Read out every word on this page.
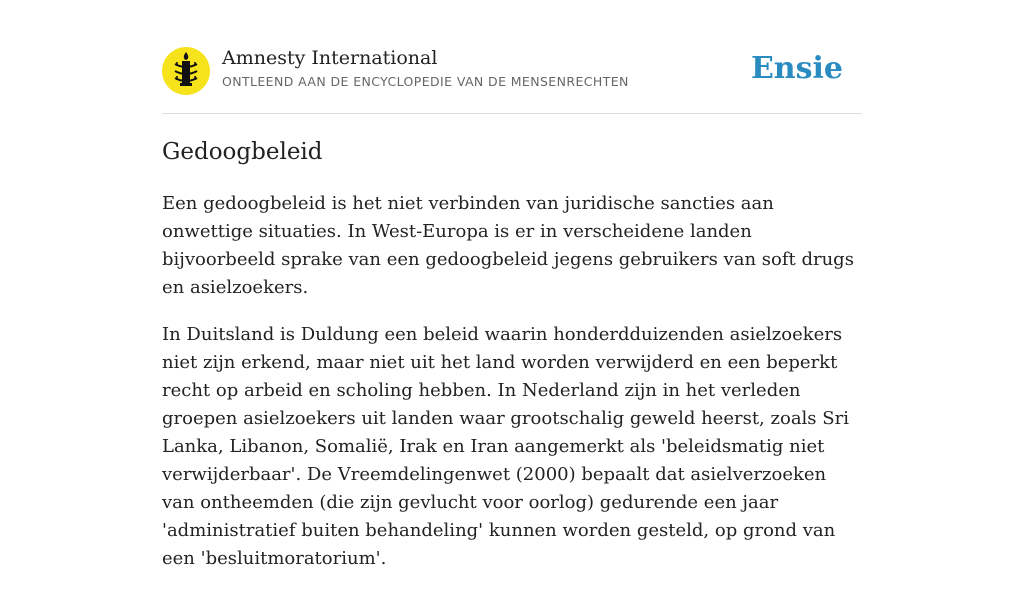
Amnesty International
ONTLEEND AAN DE ENCYCLOPEDIE VAN DE MENSENRECHTEN	Ensie
Gedoogbeleid

Een gedoogbeleid is het niet verbinden van juridische sancties aan onwettige situaties. In West-Europa is er in verscheidene landen bijvoorbeeld sprake van een gedoogbeleid jegens gebruikers van soft drugs en asielzoekers.

In Duitsland is Duldung een beleid waarin honderdduizenden asielzoekers niet zijn erkend, maar niet uit het land worden verwijderd en een beperkt recht op arbeid en scholing hebben. In Nederland zijn in het verleden groepen asielzoekers uit landen waar grootschalig geweld heerst, zoals Sri Lanka, Libanon, Somalië, Irak en Iran aangemerkt als 'beleidsmatig niet verwijderbaar'. De Vreemdelingenwet (2000) bepaalt dat asielverzoeken van ontheemden (die zijn gevlucht voor oorlog) gedurende een jaar 'administratief buiten behandeling' kunnen worden gesteld, op grond van een 'besluitmoratorium'.
